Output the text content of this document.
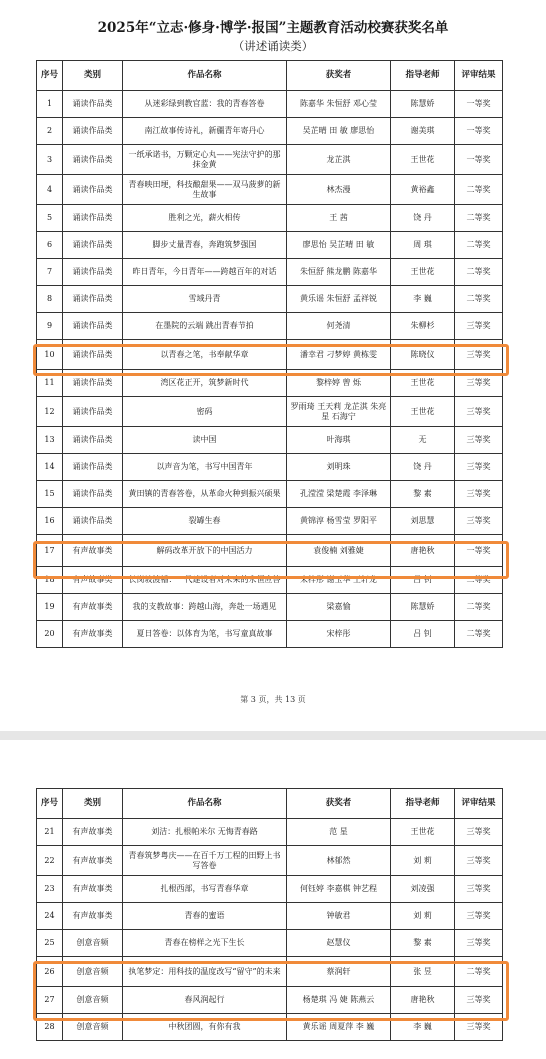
2025年“立志·修身·博学·报国”主题教育活动校赛获奖名单
（讲述诵读类）
序号	类别	作品名称	获奖者	指导老师	评审结果
1	诵读作品类	从迷彩绿到教官蓝：我的青春答卷	陈嘉华 朱恒舒 邓心莹	陈慧娇	一等奖
2	诵读作品类	南江故事传诗礼，新疆青年寄丹心	吴芷晴 田 敏 廖思怡	谢美琪	一等奖
3	诵读作品类	一纸承诺书，万颗定心丸——宪法守护的那抹金黄	龙芷淇	王世花	一等奖
4	诵读作品类	青春映田埂，科技酿甜果——双马菠萝的新生故事	林杰漫	黄裕鑫	二等奖
5	诵读作品类	胜利之光，薪火相传	王 茜	饶 丹	二等奖
6	诵读作品类	脚步丈量青春，奔跑筑梦强国	廖思怡 吴芷晴 田 敏	周 琪	二等奖
7	诵读作品类	昨日青年，今日青年——跨越百年的对话	朱恒舒 熊龙鹏 陈嘉华	王世花	二等奖
8	诵读作品类	雪域丹青	黄乐谣 朱恒舒 孟祥锐	李 巍	二等奖
9	诵读作品类	在墨院的云端 跳出青春节拍	何尧清	朱柳杉	三等奖
10	诵读作品类	以青春之笔，书奉献华章	潘幸君 刁梦婷 黄栋雯	陈晓仪	三等奖
11	诵读作品类	湾区花正开，筑梦新时代	黎梓婷 曾 烁	王世花	三等奖
12	诵读作品类	密码	罗雨琦 王天莉 龙芷淇 朱亮星 石海宁	王世花	三等奖
13	诵读作品类	读中国	叶海琪	无	三等奖
14	诵读作品类	以声音为笔，书写中国青年	刘明珠	饶 丹	三等奖
15	诵读作品类	黄田镇的青春答卷，从革命火种到振兴硕果	孔滢滢 梁楚霞 李泽琳	黎 素	三等奖
16	诵读作品类	裂罅生春	黄锦淳 杨雪莹 罗阳平	刘思慧	三等奖
17	有声故事类	解码改革开放下的中国活力	袁俊楠 刘雅婕	唐艳秋	一等奖
18	有声故事类	长岗坡渡槽：一代建设者对未来的永恒应答	宋梓彤 谢玉华 王轩龙	吕 钊	二等奖
19	有声故事类	我的支教故事：跨越山海，奔赴一场遇见	梁嘉愉	陈慧娇	二等奖
20	有声故事类	夏日答卷：以体育为笔，书写童真故事	宋梓彤	吕 钊	二等奖
第 3 页，共 13 页
序号	类别	作品名称	获奖者	指导老师	评审结果
21	有声故事类	刘洁：扎根帕米尔 无悔青春路	范 星	王世花	三等奖
22	有声故事类	青春筑梦粤庆——在百千万工程的田野上书写答卷	林郁然	刘 莉	三等奖
23	有声故事类	扎根西部，书写青春华章	何钰婷 李嘉棋 钟艺程	刘凌强	三等奖
24	有声故事类	青春的蜜语	钟敏君	刘 莉	三等奖
25	创意音频	青春在榜样之光下生长	赵慧仪	黎 素	三等奖
26	创意音频	执笔梦定：用科技的温度改写“留守”的未来	蔡润轩	张 昱	二等奖
27	创意音频	春风润起行	杨楚琪 冯 婕 陈燕云	唐艳秋	三等奖
28	创意音频	中秋团圆，有你有我	黄乐谣 周夏萍 李 巍	李 巍	三等奖
